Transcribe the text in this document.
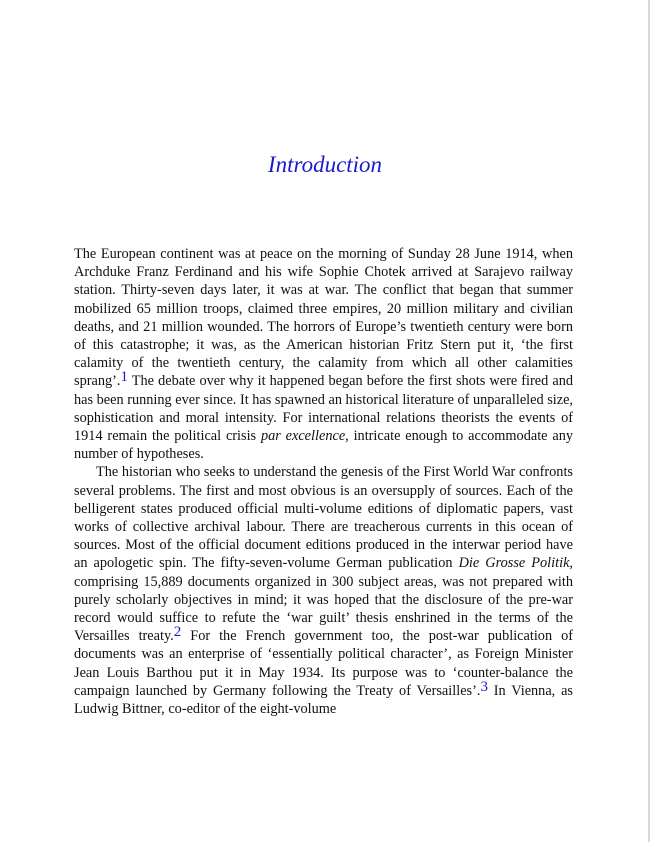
Introduction

The European continent was at peace on the morning of Sunday 28 June 1914, when Archduke Franz Ferdinand and his wife Sophie Chotek arrived at Sarajevo railway station. Thirty-seven days later, it was at war. The conflict that began that summer mobilized 65 million troops, claimed three empires, 20 million military and civilian deaths, and 21 million wounded. The horrors of Europe’s twentieth century were born of this catastrophe; it was, as the American historian Fritz Stern put it, ‘the first calamity of the twentieth century, the calamity from which all other calamities sprang’.1 The debate over why it happened began before the first shots were fired and has been running ever since. It has spawned an historical literature of unparalleled size, sophistication and moral intensity. For international relations theorists the events of 1914 remain the political crisis par excellence, intricate enough to accommodate any number of hypotheses.

The historian who seeks to understand the genesis of the First World War confronts several problems. The first and most obvious is an oversupply of sources. Each of the belligerent states produced official multi-volume editions of diplomatic papers, vast works of collective archival labour. There are treacherous currents in this ocean of sources. Most of the official document editions produced in the interwar period have an apologetic spin. The fifty-seven-volume German publication Die Grosse Politik, comprising 15,889 documents organized in 300 subject areas, was not prepared with purely scholarly objectives in mind; it was hoped that the disclosure of the pre-war record would suffice to refute the ‘war guilt’ thesis enshrined in the terms of the Versailles treaty.2 For the French government too, the post-war publication of documents was an enterprise of ‘essentially political character’, as Foreign Minister Jean Louis Barthou put it in May 1934. Its purpose was to ‘counter-balance the campaign launched by Germany following the Treaty of Versailles’.3 In Vienna, as Ludwig Bittner, co-editor of the eight-volume
